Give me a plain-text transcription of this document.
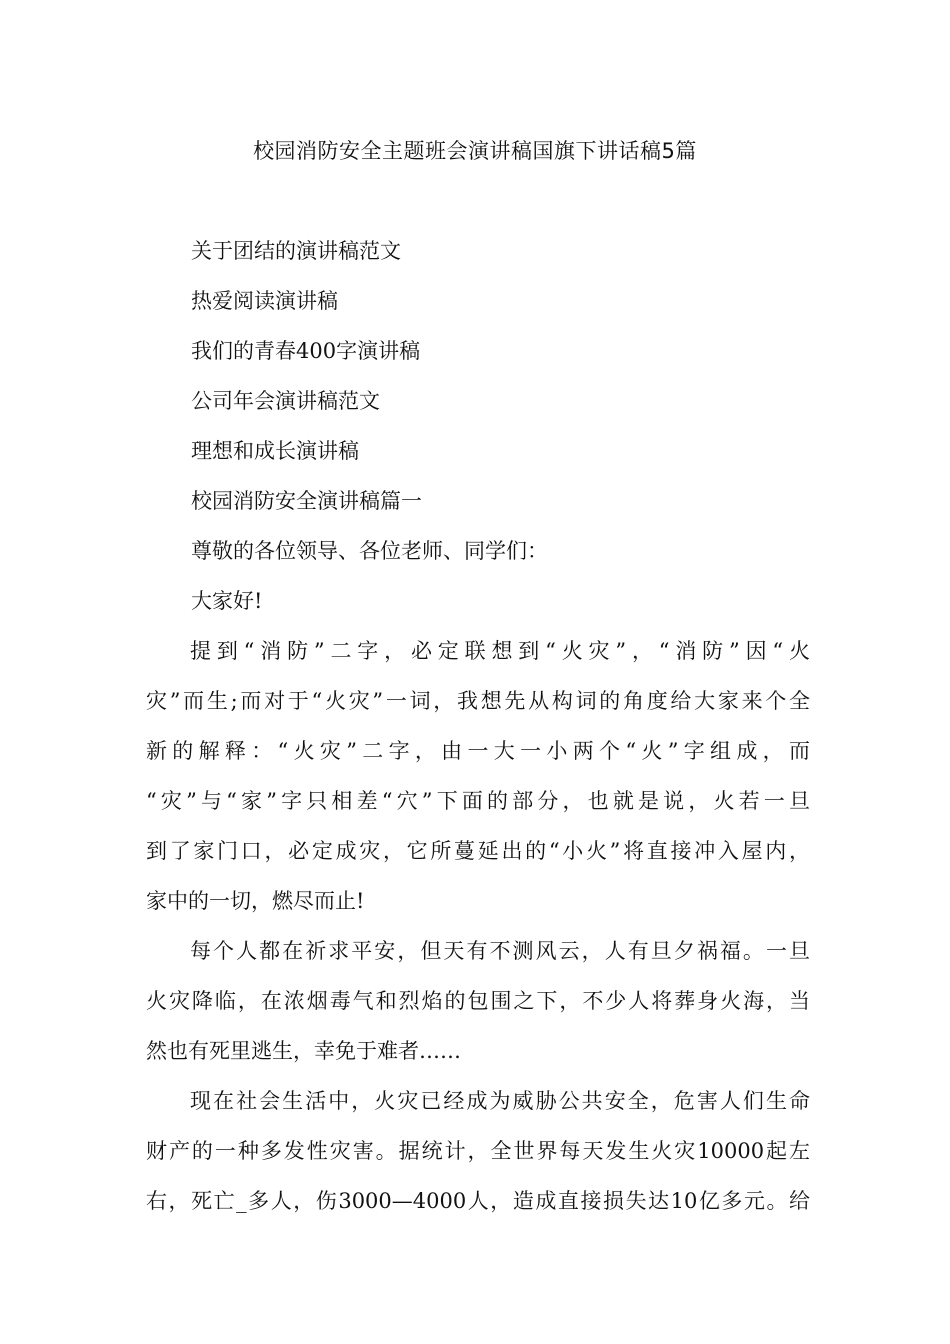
校园消防安全主题班会演讲稿国旗下讲话稿5篇
关于团结的演讲稿范文
热爱阅读演讲稿
我们的青春400字演讲稿
公司年会演讲稿范文
理想和成长演讲稿
校园消防安全演讲稿篇一
尊敬的各位领导、各位老师、同学们：
大家好!
提到“消防”二字，必定联想到“火灾”，“消防”因“火
灾”而生;而对于“火灾”一词，我想先从构词的角度给大家来个全
新的解释：“火灾”二字，由一大一小两个“火”字组成，而
“灾”与“家”字只相差“穴”下面的部分，也就是说，火若一旦
到了家门口，必定成灾，它所蔓延出的“小火”将直接冲入屋内，
家中的一切，燃尽而止!
每个人都在祈求平安，但天有不测风云，人有旦夕祸福。一旦
火灾降临，在浓烟毒气和烈焰的包围之下，不少人将葬身火海，当
然也有死里逃生，幸免于难者……
现在社会生活中，火灾已经成为威胁公共安全，危害人们生命
财产的一种多发性灾害。据统计，全世界每天发生火灾10000起左
右，死亡_多人，伤3000—4000人，造成直接损失达10亿多元。给
